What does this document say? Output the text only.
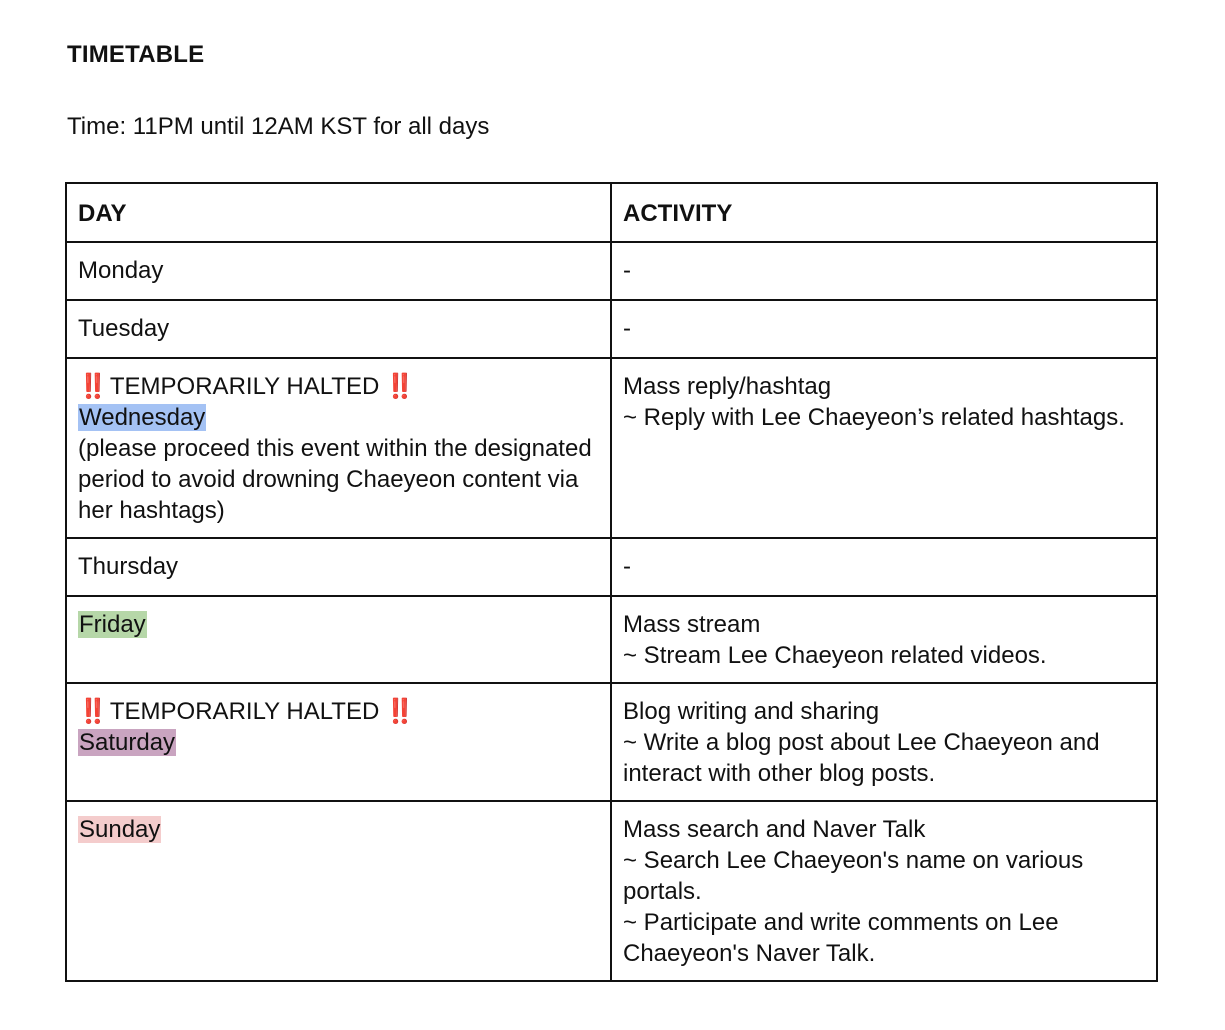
TIMETABLE
Time: 11PM until 12AM KST for all days
DAY	ACTIVITY

Monday	-

Tuesday	-

‼️ TEMPORARILY HALTED ‼️
Wednesday
(please proceed this event within the designated period to avoid drowning Chaeyeon content via her hashtags)	Mass reply/hashtag
~ Reply with Lee Chaeyeon’s related hashtags.

Thursday	-

Friday	Mass stream
~ Stream Lee Chaeyeon related videos.

‼️ TEMPORARILY HALTED ‼️
Saturday	Blog writing and sharing
~ Write a blog post about Lee Chaeyeon and interact with other blog posts.

Sunday	Mass search and Naver Talk
~ Search Lee Chaeyeon's name on various portals.
~ Participate and write comments on Lee Chaeyeon's Naver Talk.
